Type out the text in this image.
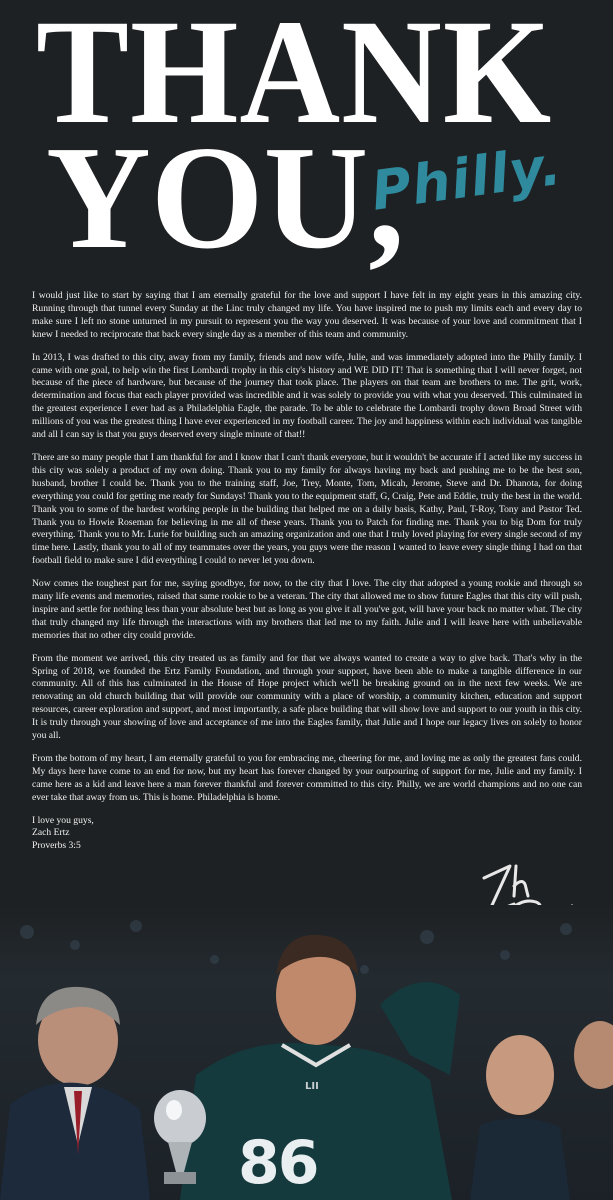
THANK
YOU,
Philly.

I would just like to start by saying that I am eternally grateful for the love and support I have felt in my eight years in this amazing city. Running through that tunnel every Sunday at the Linc truly changed my life. You have inspired me to push my limits each and every day to make sure I left no stone unturned in my pursuit to represent you the way you deserved. It was because of your love and commitment that I knew I needed to reciprocate that back every single day as a member of this team and community.

In 2013, I was drafted to this city, away from my family, friends and now wife, Julie, and was immediately adopted into the Philly family. I came with one goal, to help win the first Lombardi trophy in this city's history and WE DID IT! That is something that I will never forget, not because of the piece of hardware, but because of the journey that took place. The players on that team are brothers to me. The grit, work, determination and focus that each player provided was incredible and it was solely to provide you with what you deserved. This culminated in the greatest experience I ever had as a Philadelphia Eagle, the parade. To be able to celebrate the Lombardi trophy down Broad Street with millions of you was the greatest thing I have ever experienced in my football career. The joy and happiness within each individual was tangible and all I can say is that you guys deserved every single minute of that!!

There are so many people that I am thankful for and I know that I can't thank everyone, but it wouldn't be accurate if I acted like my success in this city was solely a product of my own doing. Thank you to my family for always having my back and pushing me to be the best son, husband, brother I could be. Thank you to the training staff, Joe, Trey, Monte, Tom, Micah, Jerome, Steve and Dr. Dhanota, for doing everything you could for getting me ready for Sundays! Thank you to the equipment staff, G, Craig, Pete and Eddie, truly the best in the world. Thank you to some of the hardest working people in the building that helped me on a daily basis, Kathy, Paul, T-Roy, Tony and Pastor Ted. Thank you to Howie Roseman for believing in me all of these years. Thank you to Patch for finding me. Thank you to big Dom for truly everything. Thank you to Mr. Lurie for building such an amazing organization and one that I truly loved playing for every single second of my time here. Lastly, thank you to all of my teammates over the years, you guys were the reason I wanted to leave every single thing I had on that football field to make sure I did everything I could to never let you down.

Now comes the toughest part for me, saying goodbye, for now, to the city that I love. The city that adopted a young rookie and through so many life events and memories, raised that same rookie to be a veteran. The city that allowed me to show future Eagles that this city will push, inspire and settle for nothing less than your absolute best but as long as you give it all you've got, will have your back no matter what. The city that truly changed my life through the interactions with my brothers that led me to my faith. Julie and I will leave here with unbelievable memories that no other city could provide.

From the moment we arrived, this city treated us as family and for that we always wanted to create a way to give back. That's why in the Spring of 2018, we founded the Ertz Family Foundation, and through your support, have been able to make a tangible difference in our community. All of this has culminated in the House of Hope project which we'll be breaking ground on in the next few weeks. We are renovating an old church building that will provide our community with a place of worship, a community kitchen, education and support resources, career exploration and support, and most importantly, a safe place building that will show love and support to our youth in this city. It is truly through your showing of love and acceptance of me into the Eagles family, that Julie and I hope our legacy lives on solely to honor you all.

From the bottom of my heart, I am eternally grateful to you for embracing me, cheering for me, and loving me as only the greatest fans could. My days here have come to an end for now, but my heart has forever changed by your outpouring of support for me, Julie and my family. I came here as a kid and leave here a man forever thankful and forever committed to this city. Philly, we are world champions and no one can ever take that away from us. This is home. Philadelphia is home.

I love you guys,
Zach Ertz
Proverbs 3:5
86
LII
